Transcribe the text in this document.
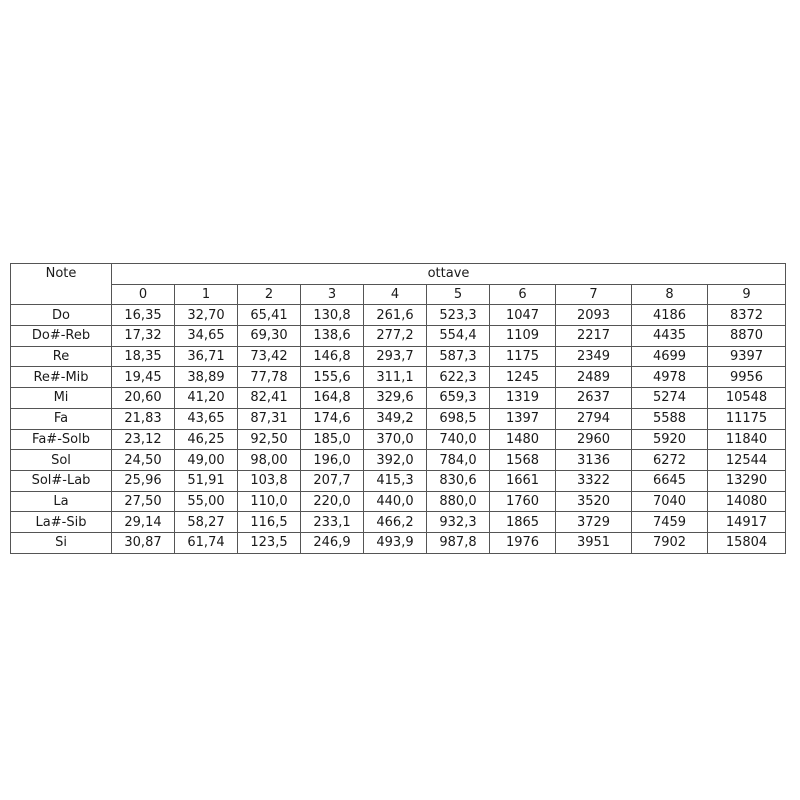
Note	ottave									
	0	1	2	3	4	5	6	7	8	9
Do	16,35	32,70	65,41	130,8	261,6	523,3	1047	2093	4186	8372
Do#-Reb	17,32	34,65	69,30	138,6	277,2	554,4	1109	2217	4435	8870
Re	18,35	36,71	73,42	146,8	293,7	587,3	1175	2349	4699	9397
Re#-Mib	19,45	38,89	77,78	155,6	311,1	622,3	1245	2489	4978	9956
Mi	20,60	41,20	82,41	164,8	329,6	659,3	1319	2637	5274	10548
Fa	21,83	43,65	87,31	174,6	349,2	698,5	1397	2794	5588	11175
Fa#-Solb	23,12	46,25	92,50	185,0	370,0	740,0	1480	2960	5920	11840
Sol	24,50	49,00	98,00	196,0	392,0	784,0	1568	3136	6272	12544
Sol#-Lab	25,96	51,91	103,8	207,7	415,3	830,6	1661	3322	6645	13290
La	27,50	55,00	110,0	220,0	440,0	880,0	1760	3520	7040	14080
La#-Sib	29,14	58,27	116,5	233,1	466,2	932,3	1865	3729	7459	14917
Si	30,87	61,74	123,5	246,9	493,9	987,8	1976	3951	7902	15804
